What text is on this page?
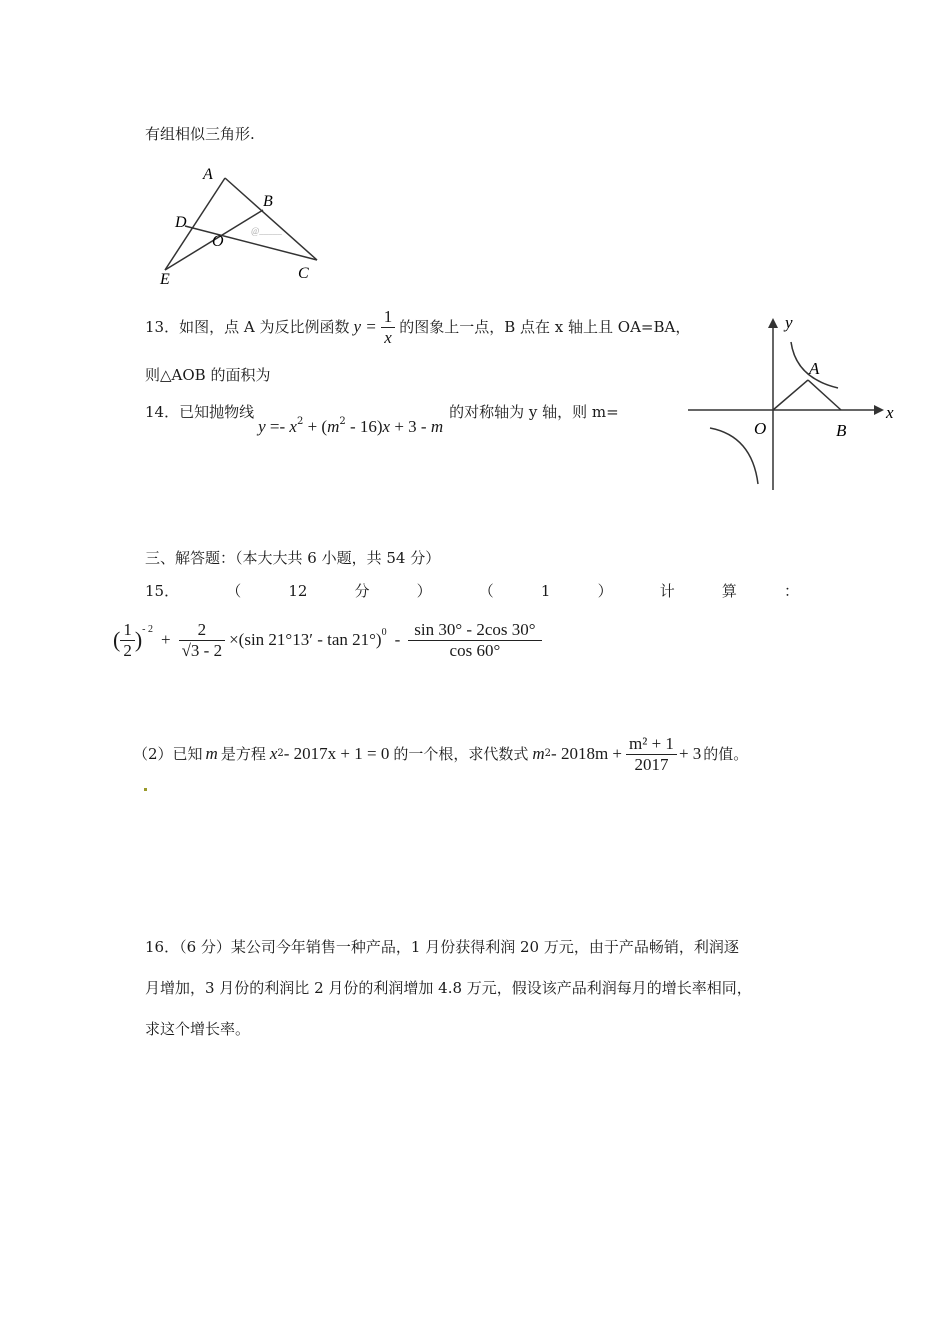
有组相似三角形.
A
B
C
D
E
O
@_____
13．如图，点 A 为反比例函数 $y = \frac{1}{x}$ 的图象上一点，B 点在 x 轴上且 OA=BA，
则△AOB 的面积为
x
y
O
A
B
14．已知抛物线
$y =- x^2 + (m^2 - 16)x + 3 - m$
的对称轴为 y 轴，则 m=
三、解答题：（本大大共 6 小题，共 54 分）
15．	（	12	分	）	（	1	）	计	算	：
( $\frac{1}{2}$ ) - 2
+ $\frac{2}{√3 - 2} \times(\sin$ 21°13′ - tan 21°) $0 - \frac{\sin 30^\circ - 2\cos 30^\circ}{\cos 60^\circ}$
（2）已知 m 是方程 x 2 - 2017x + 1 = 0 的一个根，求代数式 m $2 - 2018m + \frac{\text{m² + 1}}{2017} + 3$ 的值。
16．（6 分）某公司今年销售一种产品，1 月份获得利润 20 万元，由于产品畅销，利润逐
月增加，3 月份的利润比 2 月份的利润增加 4.8 万元，假设该产品利润每月的增长率相同，
求这个增长率。
